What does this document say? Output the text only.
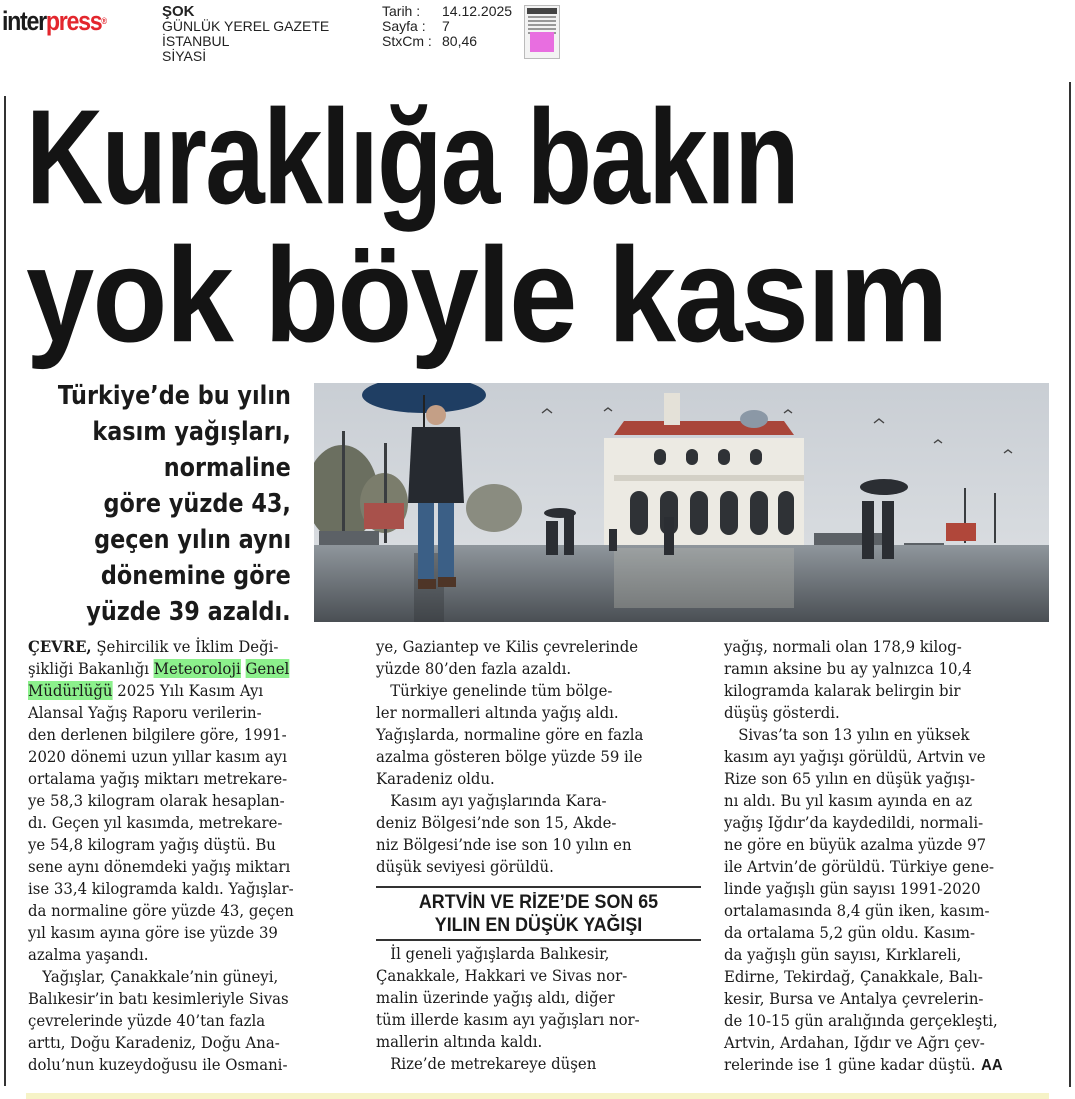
interpress®
ŞOK
GÜNLÜK YEREL GAZETE
İSTANBUL
SİYASİ
Tarih :	14.12.2025
Sayfa :	7
StxCm : 80,46
Kuraklığa bakın
yok böyle kasım
Türkiye’de bu yılın
kasım yağışları,
normaline
göre yüzde 43,
geçen yılın aynı
dönemine göre
yüzde 39 azaldı.

ÇEVRE, Şehircilik ve İklim Deği-

şikliği Bakanlığı Meteoroloji Genel

Müdürlüğü 2025 Yılı Kasım Ayı

Alansal Yağış Raporu verilerin-

den derlenen bilgilere göre, 1991-

2020 dönemi uzun yıllar kasım ayı

ortalama yağış miktarı metrekare-

ye 58,3 kilogram olarak hesaplan-

dı. Geçen yıl kasımda, metrekare-

ye 54,8 kilogram yağış düştü. Bu

sene aynı dönemdeki yağış miktarı

ise 33,4 kilogramda kaldı. Yağışlar-

da normaline göre yüzde 43, geçen

yıl kasım ayına göre ise yüzde 39

azalma yaşandı.

Yağışlar, Çanakkale’nin güneyi,

Balıkesir’in batı kesimleriyle Sivas

çevrelerinde yüzde 40’tan fazla

arttı, Doğu Karadeniz, Doğu Ana-

dolu’nun kuzeydoğusu ile Osmani-

ye, Gaziantep ve Kilis çevrelerinde

yüzde 80’den fazla azaldı.

Türkiye genelinde tüm bölge-

ler normalleri altında yağış aldı.

Yağışlarda, normaline göre en fazla

azalma gösteren bölge yüzde 59 ile

Karadeniz oldu.

Kasım ayı yağışlarında Kara-

deniz Bölgesi’nde son 15, Akde-

niz Bölgesi’nde ise son 10 yılın en

düşük seviyesi görüldü.

ARTVİN VE RİZE’DE SON 65
YILIN EN DÜŞÜK YAĞIŞI

İl geneli yağışlarda Balıkesir,

Çanakkale, Hakkari ve Sivas nor-

malin üzerinde yağış aldı, diğer

tüm illerde kasım ayı yağışları nor-

mallerin altında kaldı.

Rize’de metrekareye düşen

yağış, normali olan 178,9 kilog-

ramın aksine bu ay yalnızca 10,4

kilogramda kalarak belirgin bir

düşüş gösterdi.

Sivas’ta son 13 yılın en yüksek

kasım ayı yağışı görüldü, Artvin ve

Rize son 65 yılın en düşük yağışı-

nı aldı. Bu yıl kasım ayında en az

yağış Iğdır’da kaydedildi, normali-

ne göre en büyük azalma yüzde 97

ile Artvin’de görüldü. Türkiye gene-

linde yağışlı gün sayısı 1991-2020

ortalamasında 8,4 gün iken, kasım-

da ortalama 5,2 gün oldu. Kasım-

da yağışlı gün sayısı, Kırklareli,

Edirne, Tekirdağ, Çanakkale, Balı-

kesir, Bursa ve Antalya çevrelerin-

de 10-15 gün aralığında gerçekleşti,

Artvin, Ardahan, Iğdır ve Ağrı çev-

relerinde ise 1 güne kadar düştü. AA
